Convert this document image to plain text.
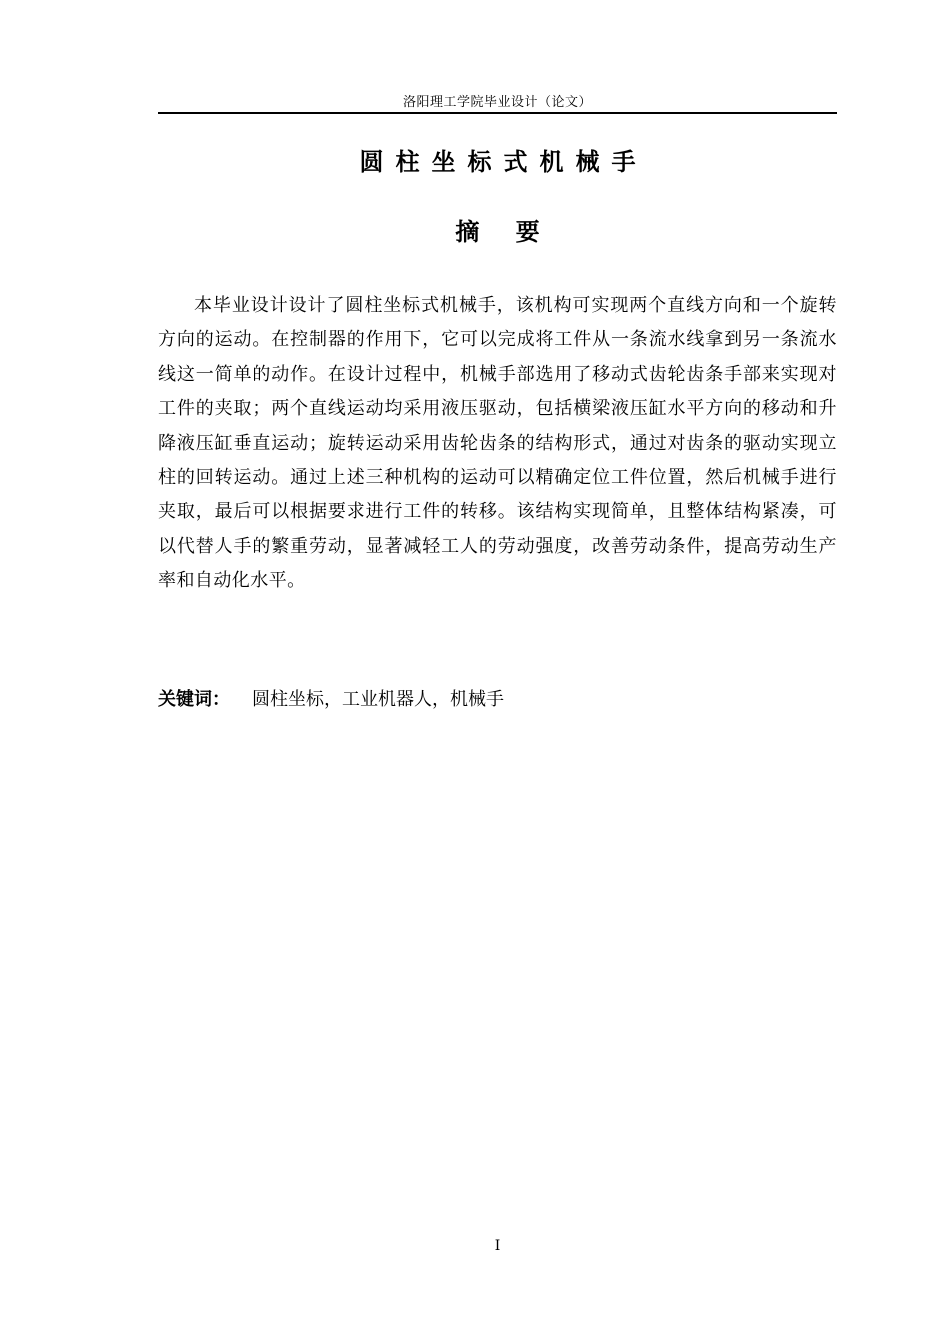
洛阳理工学院毕业设计（论文）
圆柱坐标式机械手
摘 要

本毕业设计设计了圆柱坐标式机械手，该机构可实现两个直线方向和一个旋转方向的运动。在控制器的作用下，它可以完成将工件从一条流水线拿到另一条流水线这一简单的动作。在设计过程中，机械手部选用了移动式齿轮齿条手部来实现对工件的夹取；两个直线运动均采用液压驱动，包括横梁液压缸水平方向的移动和升降液压缸垂直运动；旋转运动采用齿轮齿条的结构形式，通过对齿条的驱动实现立柱的回转运动。通过上述三种机构的运动可以精确定位工件位置，然后机械手进行夹取，最后可以根据要求进行工件的转移。该结构实现简单，且整体结构紧凑，可以代替人手的繁重劳动，显著减轻工人的劳动强度，改善劳动条件，提高劳动生产率和自动化水平。

关键词： 圆柱坐标，工业机器人，机械手
I
